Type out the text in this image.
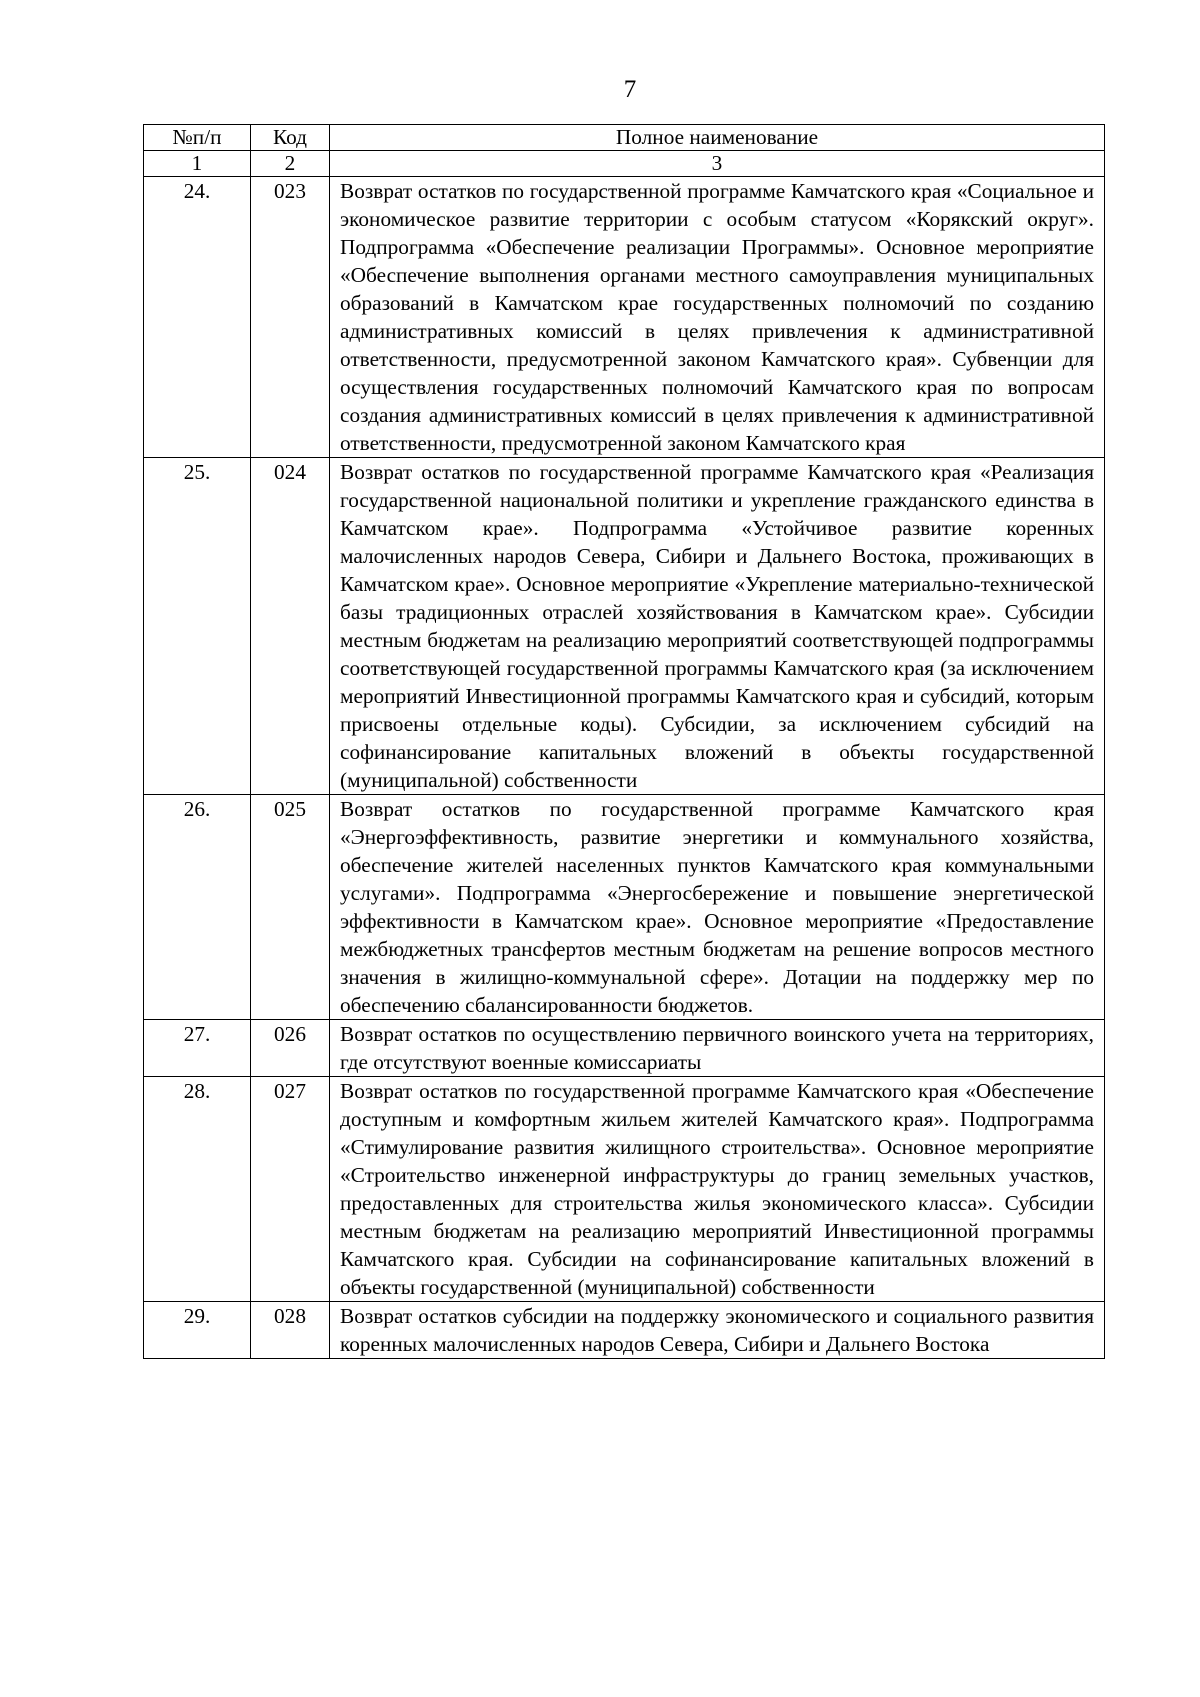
7
№п/п	Код	Полное наименование
1	2	3
24.	023	Возврат остатков по государственной программе Камчатского края «Социальное и экономическое развитие территории с особым статусом «Корякский округ». Подпрограмма «Обеспечение реализации Программы». Основное мероприятие «Обеспечение выполнения органами местного самоуправления муниципальных образований в Камчатском крае государственных полномочий по созданию административных комиссий в целях привлечения к административной ответственности, предусмотренной законом Камчатского края». Субвенции для осуществления государственных полномочий Камчатского края по вопросам создания административных комиссий в целях привлечения к административной ответственности, предусмотренной законом Камчатского края
25.	024	Возврат остатков по государственной программе Камчатского края «Реализация государственной национальной политики и укрепление гражданского единства в Камчатском крае». Подпрограмма «Устойчивое развитие коренных малочисленных народов Севера, Сибири и Дальнего Востока, проживающих в Камчатском крае». Основное мероприятие «Укрепление материально-технической базы традиционных отраслей хозяйствования в Камчатском крае». Субсидии местным бюджетам на реализацию мероприятий соответствующей подпрограммы соответствующей государственной программы Камчатского края (за исключением мероприятий Инвестиционной программы Камчатского края и субсидий, которым присвоены отдельные коды). Субсидии, за исключением субсидий на софинансирование капитальных вложений в объекты государственной (муниципальной) собственности
26.	025	Возврат остатков по государственной программе Камчатского края «Энергоэффективность, развитие энергетики и коммунального хозяйства, обеспечение жителей населенных пунктов Камчатского края коммунальными услугами». Подпрограмма «Энергосбережение и повышение энергетической эффективности в Камчатском крае». Основное мероприятие «Предоставление межбюджетных трансфертов местным бюджетам на решение вопросов местного значения в жилищно-коммунальной сфере». Дотации на поддержку мер по обеспечению сбалансированности бюджетов.
27.	026	Возврат остатков по осуществлению первичного воинского учета на территориях, где отсутствуют военные комиссариаты
28.	027	Возврат остатков по государственной программе Камчатского края «Обеспечение доступным и комфортным жильем жителей Камчатского края». Подпрограмма «Стимулирование развития жилищного строительства». Основное мероприятие «Строительство инженерной инфраструктуры до границ земельных участков, предоставленных для строительства жилья экономического класса». Субсидии местным бюджетам на реализацию мероприятий Инвестиционной программы Камчатского края. Субсидии на софинансирование капитальных вложений в объекты государственной (муниципальной) собственности
29.	028	Возврат остатков субсидии на поддержку экономического и социального развития коренных малочисленных народов Севера, Сибири и Дальнего Востока
